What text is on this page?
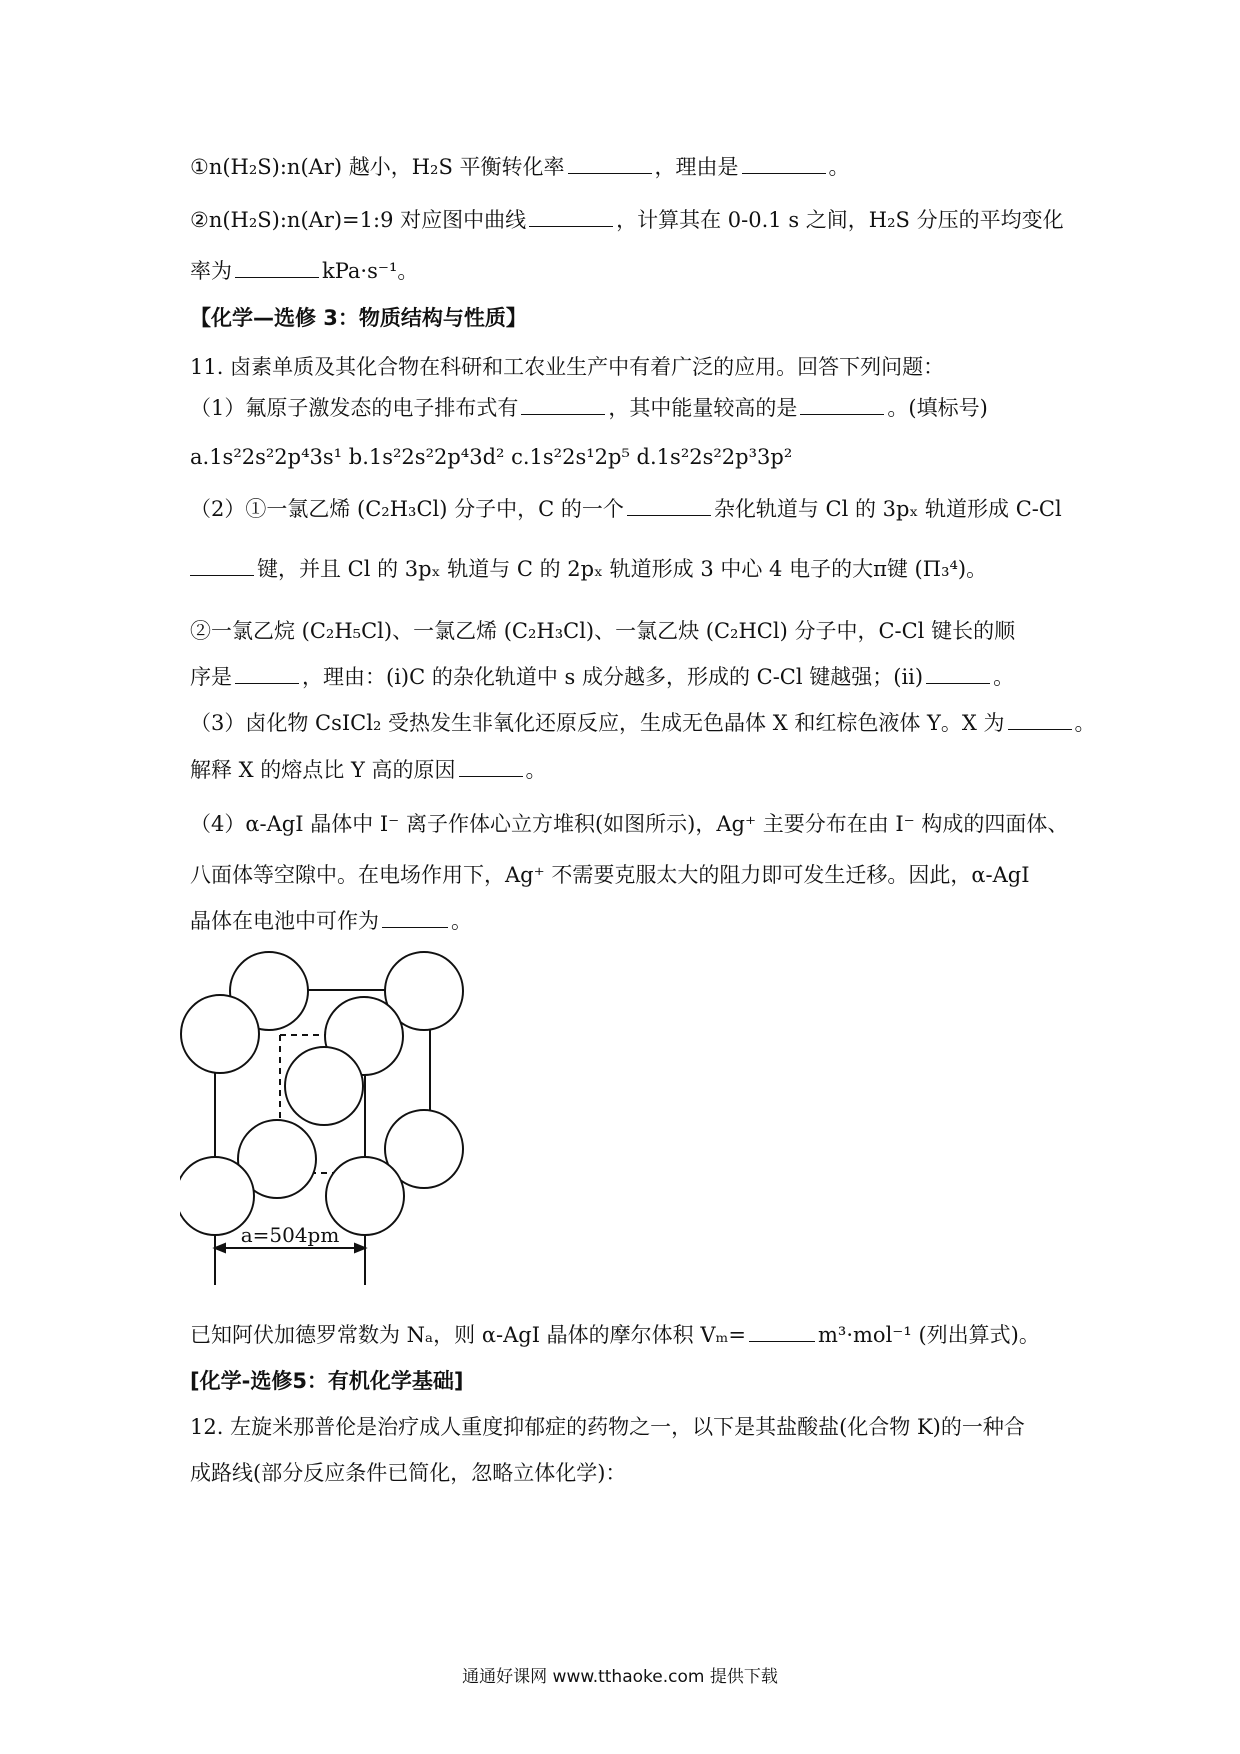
①n(H₂S):n(Ar) 越小，H₂S 平衡转化率	，理由是	。
②n(H₂S):n(Ar)=1:9 对应图中曲线	，计算其在 0-0.1 s 之间，H₂S 分压的平均变化
率为	kPa·s⁻¹。
【化学—选修 3：物质结构与性质】
11. 卤素单质及其化合物在科研和工农业生产中有着广泛的应用。回答下列问题：
（1）氟原子激发态的电子排布式有	，其中能量较高的是	。(填标号)
a.1s²2s²2p⁴3s¹ b.1s²2s²2p⁴3d² c.1s²2s¹2p⁵ d.1s²2s²2p³3p²
（2）①一氯乙烯 (C₂H₃Cl) 分子中，C 的一个	杂化轨道与 Cl 的 3pₓ 轨道形成 C-Cl
键，并且 Cl 的 3pₓ 轨道与 C 的 2pₓ 轨道形成 3 中心 4 电子的大π键 (Π₃⁴)。
②一氯乙烷 (C₂H₅Cl)、一氯乙烯 (C₂H₃Cl)、一氯乙炔 (C₂HCl) 分子中，C-Cl 键长的顺
序是	，理由：(i)C 的杂化轨道中 s 成分越多，形成的 C-Cl 键越强；(ii)	。
（3）卤化物 CsICl₂ 受热发生非氧化还原反应，生成无色晶体 X 和红棕色液体 Y。X 为	。
解释 X 的熔点比 Y 高的原因	。
（4）α-AgI 晶体中 I⁻ 离子作体心立方堆积(如图所示)，Ag⁺ 主要分布在由 I⁻ 构成的四面体、
八面体等空隙中。在电场作用下，Ag⁺ 不需要克服太大的阻力即可发生迁移。因此，α-AgI
晶体在电池中可作为	。
a=504pm
已知阿伏加德罗常数为 Nₐ，则 α-AgI 晶体的摩尔体积 Vₘ=	m³·mol⁻¹ (列出算式)。
[化学-选修5：有机化学基础]
12. 左旋米那普伦是治疗成人重度抑郁症的药物之一，以下是其盐酸盐(化合物 K)的一种合
成路线(部分反应条件已简化，忽略立体化学)：
通通好课网 www.tthaoke.com 提供下载
